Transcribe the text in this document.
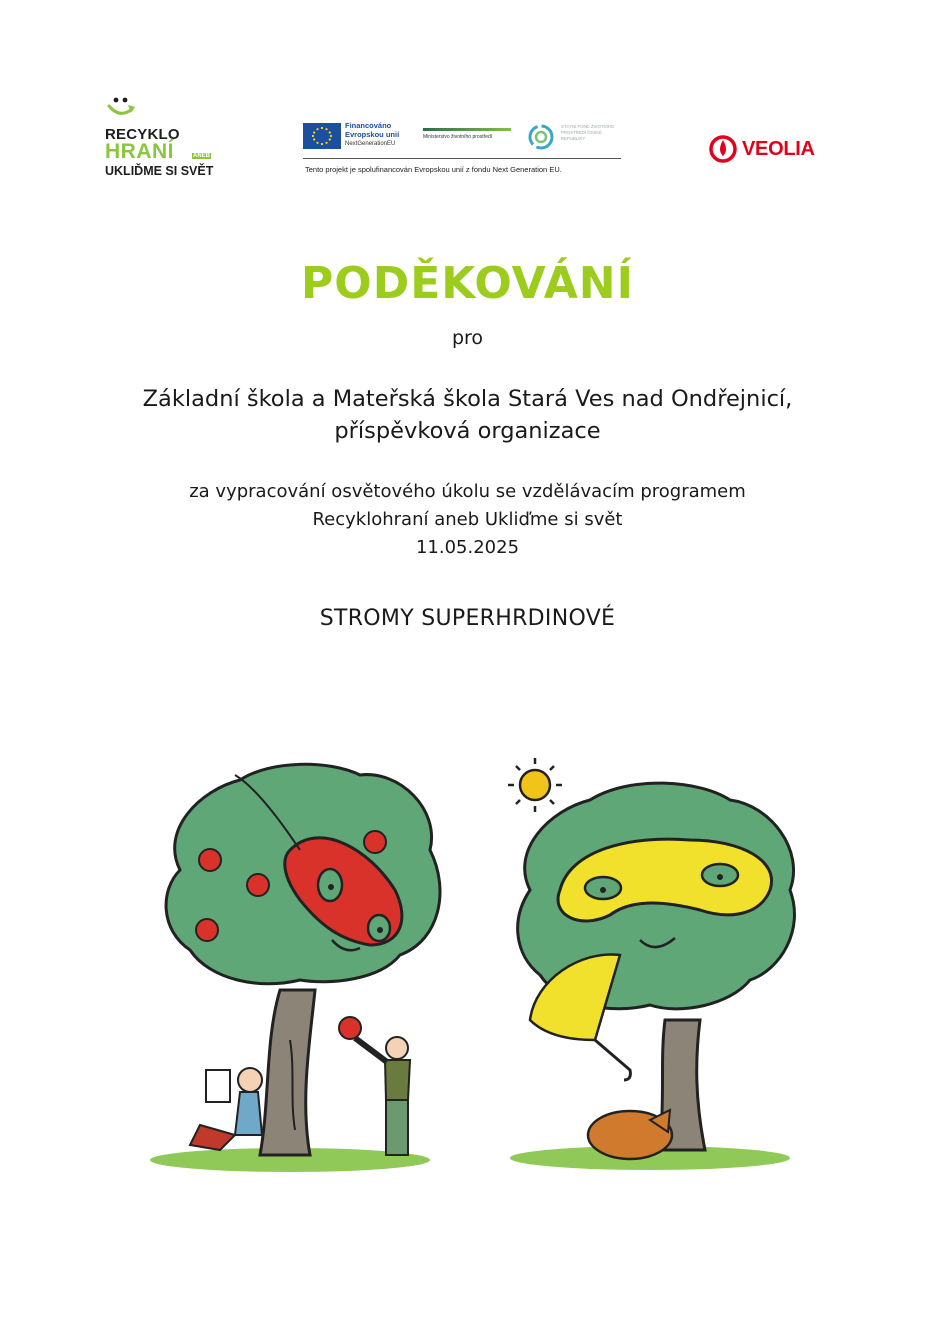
RECYKLO
HRANÍ	ANEB
UKLIĎME SI SVĚT
Financováno
Evropskou unií
NextGenerationEU
Ministerstvo životního prostředí
STÁTNÍ FOND ŽIVOTNÍHO PROSTŘEDÍ ČESKÉ REPUBLIKY
Tento projekt je spolufinancován Evropskou unií z fondu Next Generation EU.
VEOLIA
PODĚKOVÁNÍ
pro
Základní škola a Mateřská škola Stará Ves nad Ondřejnicí,
příspěvková organizace
za vypracování osvětového úkolu se vzdělávacím programem
Recyklohraní aneb Ukliďme si svět
11.05.2025
STROMY SUPERHRDINOVÉ
